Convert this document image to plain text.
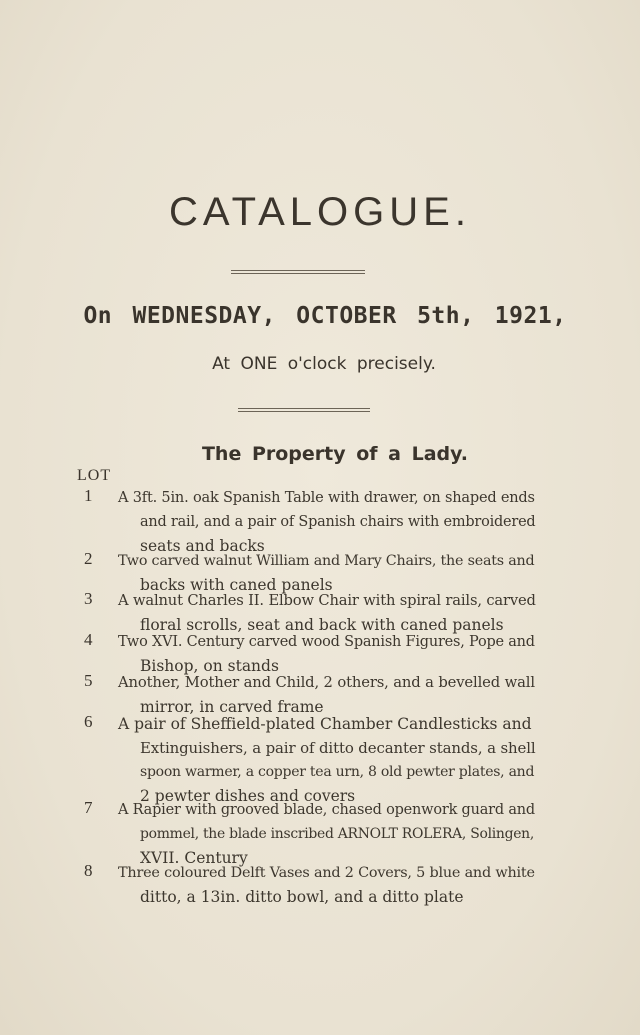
CATALOGUE.
On WEDNESDAY, OCTOBER 5th, 1921,
At ONE o'clock precisely.
The Property of a Lady.
LOT
1	A 3ft. 5in. oak Spanish Table with drawer, on shaped ends
and rail, and a pair of Spanish chairs with embroidered
seats and backs
2	Two carved walnut William and Mary Chairs, the seats and
backs with caned panels
3	A walnut Charles II. Elbow Chair with spiral rails, carved
floral scrolls, seat and back with caned panels
4	Two XVI. Century carved wood Spanish Figures, Pope and
Bishop, on stands
5	Another, Mother and Child, 2 others, and a bevelled wall
mirror, in carved frame
6	A pair of Sheffield-plated Chamber Candlesticks and
Extinguishers, a pair of ditto decanter stands, a shell
spoon warmer, a copper tea urn, 8 old pewter plates, and
2 pewter dishes and covers
7	A Rapier with grooved blade, chased openwork guard and
pommel, the blade inscribed ARNOLT ROLERA, Solingen,
XVII. Century
8	Three coloured Delft Vases and 2 Covers, 5 blue and white
ditto, a 13in. ditto bowl, and a ditto plate
